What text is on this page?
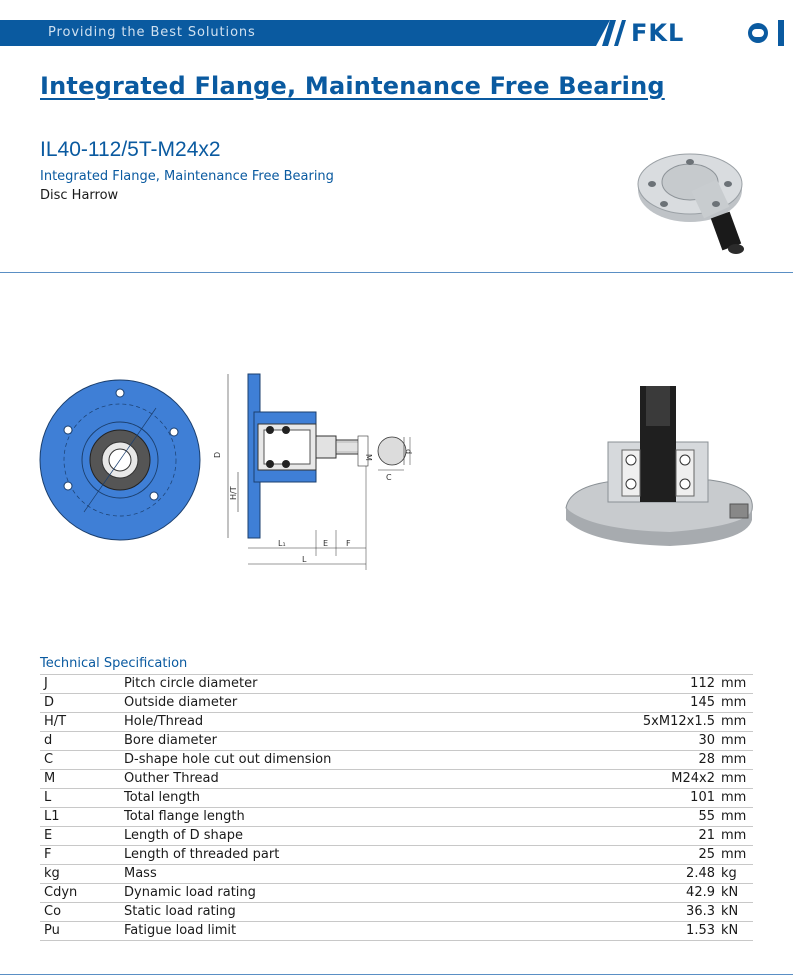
Providing the Best Solutions	FKL
Integrated Flange, Maintenance Free Bearing
IL40-112/5T-M24x2
Integrated Flange, Maintenance Free Bearing
Disc Harrow
D
H/T
L₁	E F
L
M
d
C
Technical Specification
J	Pitch circle diameter	112	mm
D	Outside diameter	145	mm
H/T	Hole/Thread	5xM12x1.5	mm
d	Bore diameter	30	mm
C	D-shape hole cut out dimension	28	mm
M	Outher Thread	M24x2	mm
L	Total length	101	mm
L1	Total flange length	55	mm
E	Length of D shape	21	mm
F	Length of threaded part	25	mm
kg	Mass	2.48	kg
Cdyn	Dynamic load rating	42.9	kN
Co	Static load rating	36.3	kN
Pu	Fatigue load limit	1.53	kN
